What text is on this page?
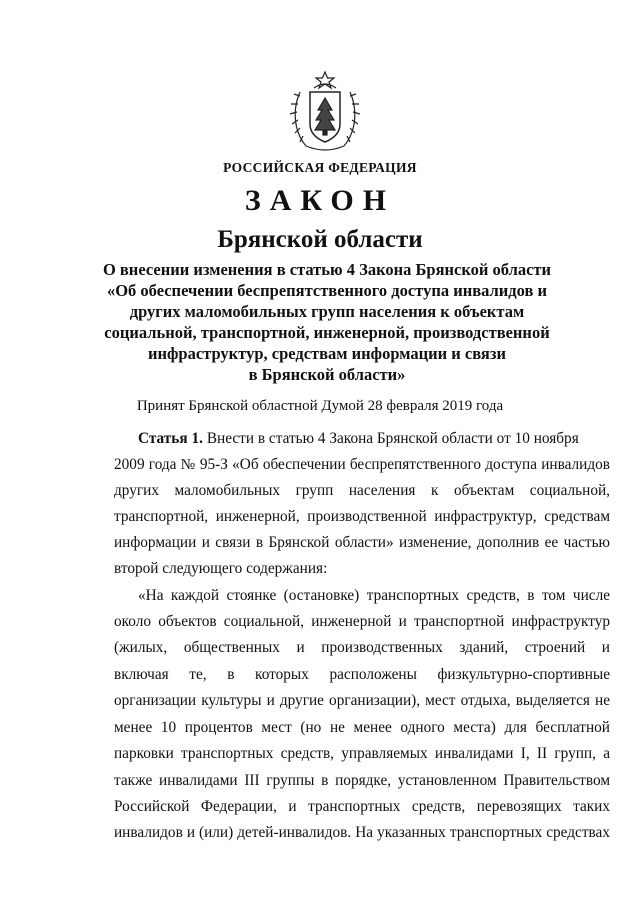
РОССИЙСКАЯ ФЕДЕРАЦИЯ
ЗАКОН
Брянской области
О внесении изменения в статью 4 Закона Брянской области
«Об обеспечении беспрепятственного доступа инвалидов и
других маломобильных групп населения к объектам
социальной, транспортной, инженерной, производственной
инфраструктур, средствам информации и связи
в Брянской области»
Принят Брянской областной Думой 28 февраля 2019 года
Статья 1. Внести в статью 4 Закона Брянской области от 10 ноября
2009 года № 95-З «Об обеспечении беспрепятственного доступа инвалидов
других маломобильных групп населения к объектам социальной,
транспортной, инженерной, производственной инфраструктур, средствам
информации и связи в Брянской области» изменение, дополнив ее частью
второй следующего содержания:
«На каждой стоянке (остановке) транспортных средств, в том числе
около объектов социальной, инженерной и транспортной инфраструктур
(жилых, общественных и производственных зданий, строений и
включая те, в которых расположены физкультурно-спортивные
организации культуры и другие организации), мест отдыха, выделяется не
менее 10 процентов мест (но не менее одного места) для бесплатной
парковки транспортных средств, управляемых инвалидами I, II групп, а
также инвалидами III группы в порядке, установленном Правительством
Российской Федерации, и транспортных средств, перевозящих таких
инвалидов и (или) детей-инвалидов. На указанных транспортных средствах
